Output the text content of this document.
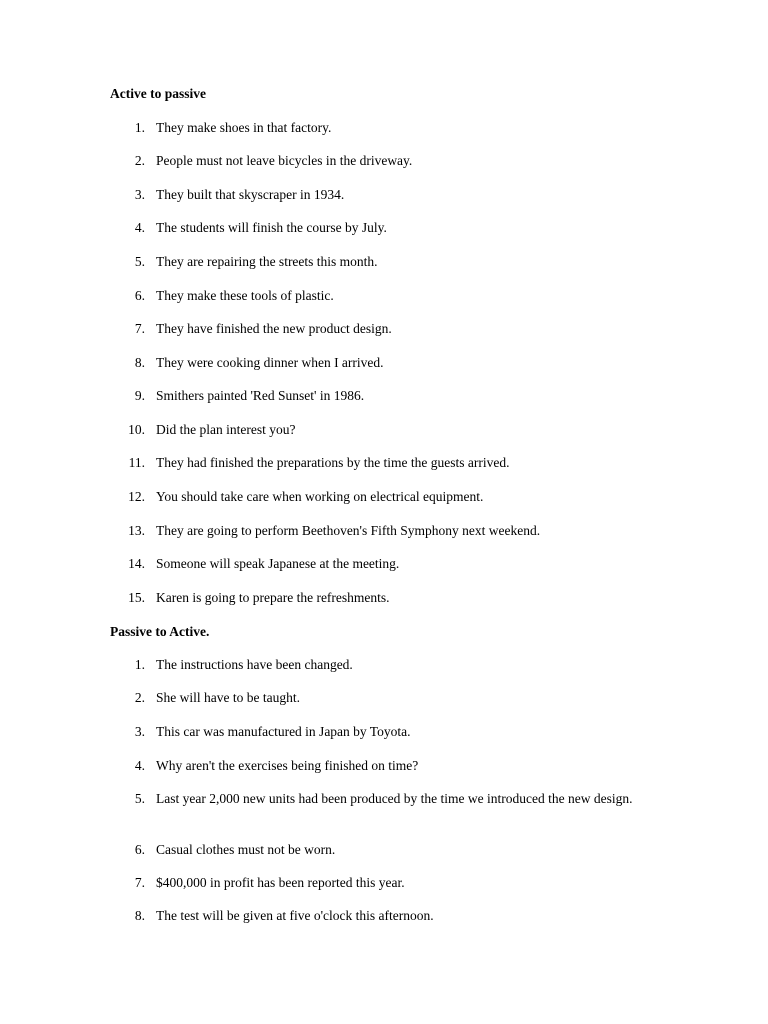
Active to passive
1. They make shoes in that factory.
2. People must not leave bicycles in the driveway.
3. They built that skyscraper in 1934.
4. The students will finish the course by July.
5. They are repairing the streets this month.
6. They make these tools of plastic.
7. They have finished the new product design.
8. They were cooking dinner when I arrived.
9. Smithers painted 'Red Sunset' in 1986.
10. Did the plan interest you?
11. They had finished the preparations by the time the guests arrived.
12. You should take care when working on electrical equipment.
13. They are going to perform Beethoven's Fifth Symphony next weekend.
14. Someone will speak Japanese at the meeting.
15. Karen is going to prepare the refreshments.
Passive to Active.
1. The instructions have been changed.
2. She will have to be taught.
3. This car was manufactured in Japan by Toyota.
4. Why aren't the exercises being finished on time?
5. Last year 2,000 new units had been produced by the time we introduced the new design.
6. Casual clothes must not be worn.
7. $400,000 in profit has been reported this year.
8. The test will be given at five o'clock this afternoon.
